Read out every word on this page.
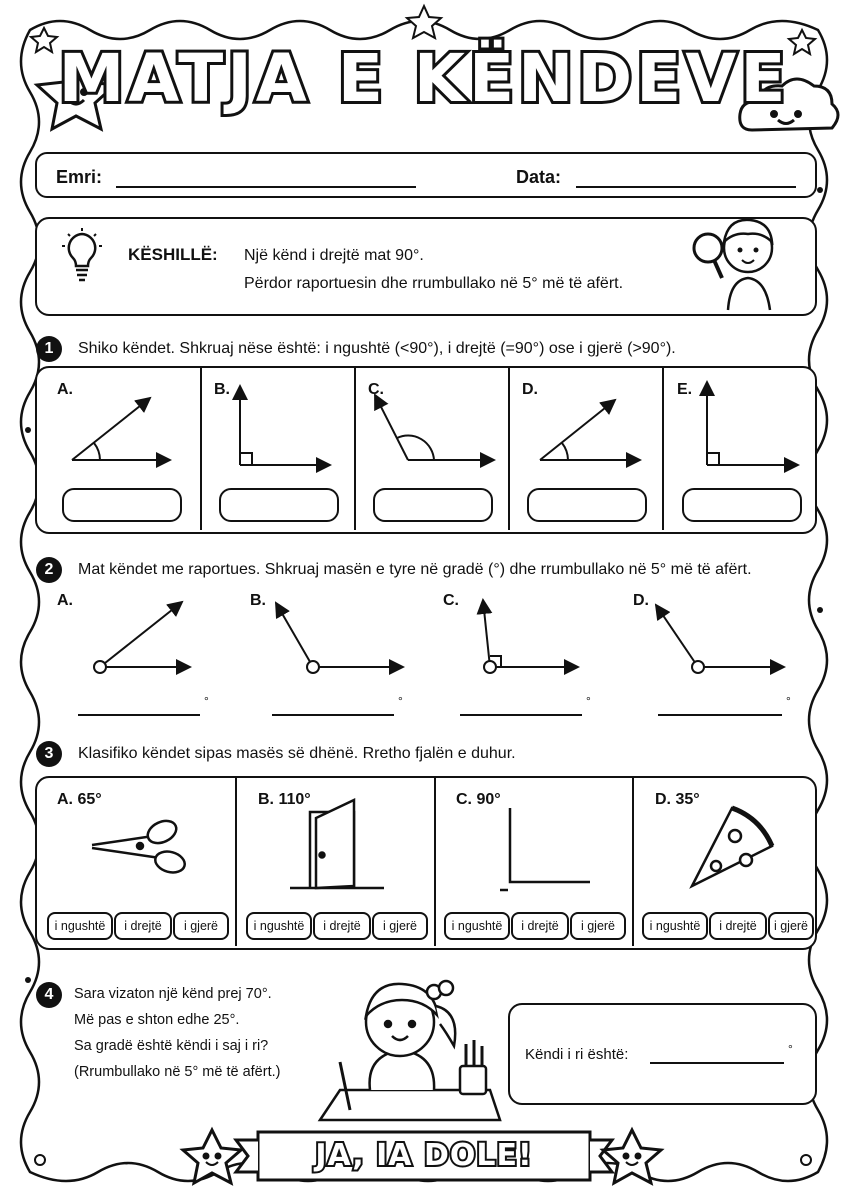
MATJA E KËNDEVE
Emri:	Data:
KËSHILLË: Një kënd i drejtë mat 90°.
Përdor raportuesin dhe rrumbullako në 5° më të afërt.
1	Shiko këndet. Shkruaj nëse është: i ngushtë (<90°), i drejtë (=90°) ose i gjerë (>90°).
A.	B.	C.	D.	E.
2	Mat këndet me raportues. Shkruaj masën e tyre në gradë (°) dhe rrumbullako në 5° më të afërt.
A.	B.	C.	D.
°	°	°	°
3	Klasifiko këndet sipas masës së dhënë. Rretho fjalën e duhur.
A. 65°	B. 110°	C. 90°	D. 35°
i ngushtë	i drejtë	i gjerë	i ngushtë	i drejtë	i gjerë	i ngushtë	i drejtë	i gjerë	i ngushtë	i drejtë	i gjerë
4	Sara vizaton një kënd prej 70°.
Më pas e shton edhe 25°.
Sa gradë është këndi i saj i ri?
(Rrumbullako në 5° më të afërt.)
Këndi i ri është:	°
JA, IA DOLE!
